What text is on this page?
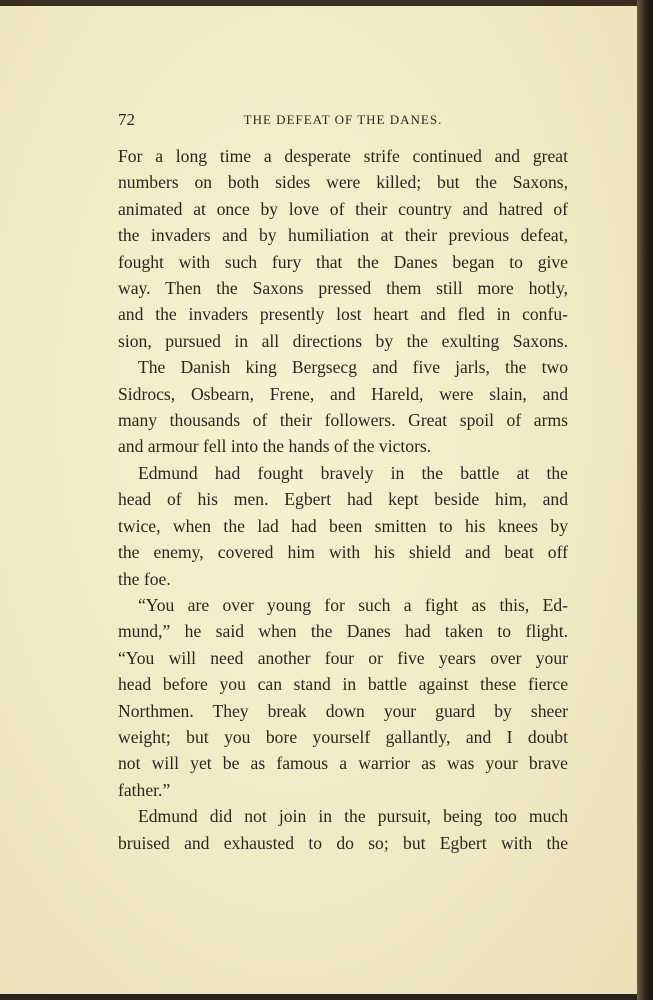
72	THE DEFEAT OF THE DANES.
For a long time a desperate strife continued and great
numbers on both sides were killed; but the Saxons,
animated at once by love of their country and hatred of
the invaders and by humiliation at their previous defeat,
fought with such fury that the Danes began to give
way. Then the Saxons pressed them still more hotly,
and the invaders presently lost heart and fled in confu-
sion, pursued in all directions by the exulting Saxons.
The Danish king Bergsecg and five jarls, the two
Sidrocs, Osbearn, Frene, and Hareld, were slain, and
many thousands of their followers. Great spoil of arms
and armour fell into the hands of the victors.
Edmund had fought bravely in the battle at the
head of his men. Egbert had kept beside him, and
twice, when the lad had been smitten to his knees by
the enemy, covered him with his shield and beat off
the foe.
“You are over young for such a fight as this, Ed-
mund,” he said when the Danes had taken to flight.
“You will need another four or five years over your
head before you can stand in battle against these fierce
Northmen. They break down your guard by sheer
weight; but you bore yourself gallantly, and I doubt
not will yet be as famous a warrior as was your brave
father.”
Edmund did not join in the pursuit, being too much
bruised and exhausted to do so; but Egbert with the
